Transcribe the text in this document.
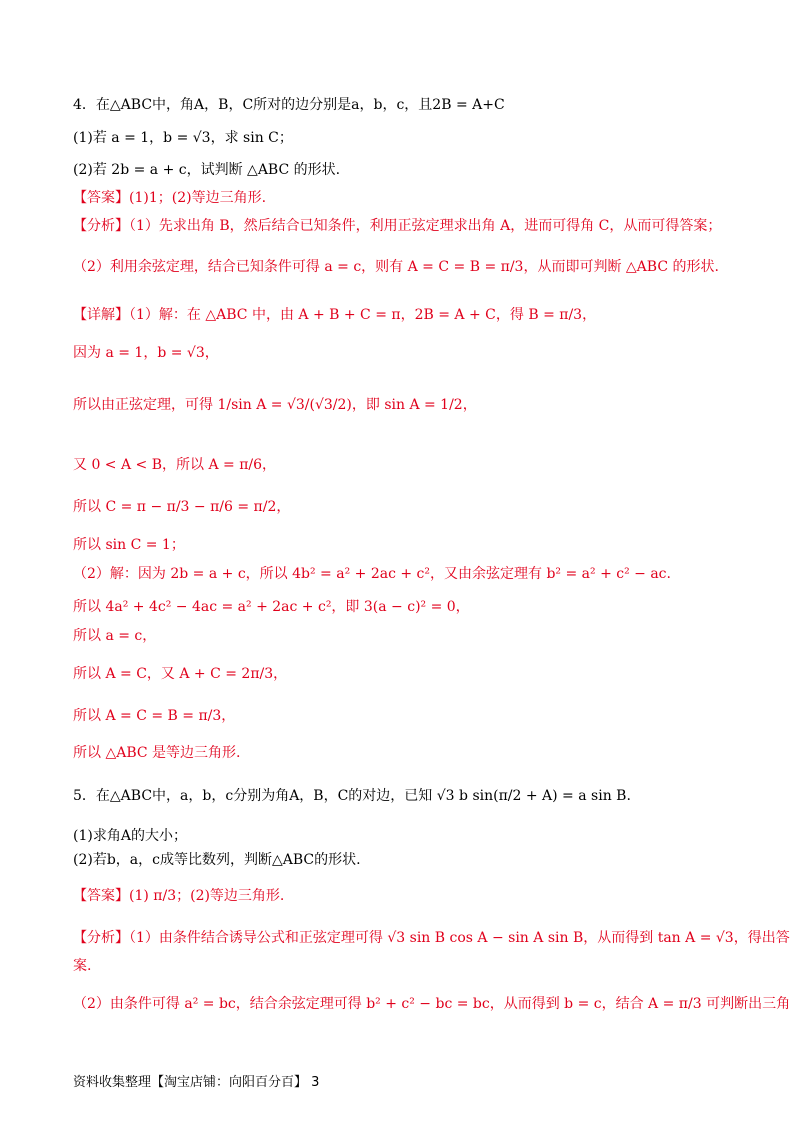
4．在△ABC中，角A，B，C所对的边分别是a，b，c，且2B = A+C
(1)若 a = 1，b = √3，求 sin C；
(2)若 2b = a + c，试判断 △ABC 的形状.
【答案】(1)1；(2)等边三角形.
【分析】（1）先求出角 B，然后结合已知条件，利用正弦定理求出角 A，进而可得角 C，从而可得答案；
（2）利用余弦定理，结合已知条件可得 a = c，则有 A = C = B = π/3，从而即可判断 △ABC 的形状.
【详解】（1）解：在 △ABC 中，由 A + B + C = π，2B = A + C，得 B = π/3，
因为 a = 1，b = √3，
所以由正弦定理，可得 1/sin A = √3/(√3/2)，即 sin A = 1/2，
又 0 < A < B，所以 A = π/6，
所以 C = π − π/3 − π/6 = π/2，
所以 sin C = 1；
（2）解：因为 2b = a + c，所以 4b² = a² + 2ac + c²，又由余弦定理有 b² = a² + c² − ac.
所以 4a² + 4c² − 4ac = a² + 2ac + c²，即 3(a − c)² = 0，
所以 a = c，
所以 A = C，又 A + C = 2π/3，
所以 A = C = B = π/3，
所以 △ABC 是等边三角形.
5．在△ABC中，a，b，c分别为角A，B，C的对边，已知 √3 b sin(π/2 + A) = a sin B.
(1)求角A的大小；
(2)若b，a，c成等比数列，判断△ABC的形状.
【答案】(1) π/3；(2)等边三角形.
【分析】（1）由条件结合诱导公式和正弦定理可得 √3 sin B cos A − sin A sin B，从而得到 tan A = √3，得出答
案.
（2）由条件可得 a² = bc，结合余弦定理可得 b² + c² − bc = bc，从而得到 b = c，结合 A = π/3 可判断出三角
资料收集整理【淘宝店铺：向阳百分百】 3
